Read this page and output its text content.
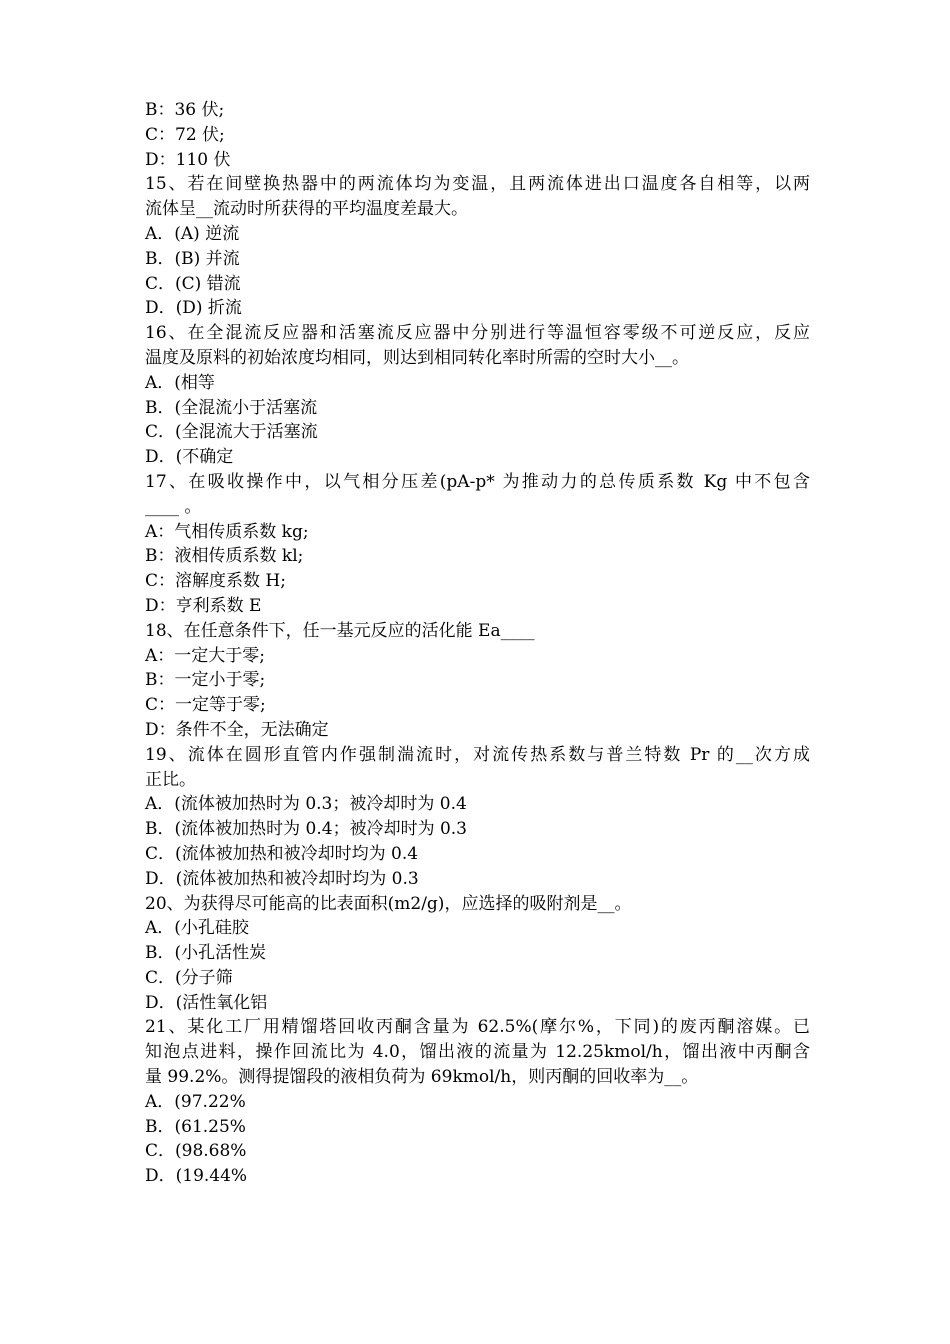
B：36 伏;
C：72 伏;
D：110 伏
15、若在间壁换热器中的两流体均为变温，且两流体进出口温度各自相等，以两
流体呈__流动时所获得的平均温度差最大。
A．(A) 逆流
B．(B) 并流
C．(C) 错流
D．(D) 折流
16、在全混流反应器和活塞流反应器中分别进行等温恒容零级不可逆反应，反应
温度及原料的初始浓度均相同，则达到相同转化率时所需的空时大小__。
A．(相等
B．(全混流小于活塞流
C．(全混流大于活塞流
D．(不确定
17、在吸收操作中，以气相分压差(pA-p* 为推动力的总传质系数 Kg 中不包含
____ 。
A：气相传质系数 kg;
B：液相传质系数 kl;
C：溶解度系数 H;
D：亨利系数 E
18、在任意条件下，任一基元反应的活化能 Ea____
A：一定大于零;
B：一定小于零;
C：一定等于零;
D：条件不全，无法确定
19、流体在圆形直管内作强制湍流时，对流传热系数与普兰特数 Pr 的__次方成
正比。
A．(流体被加热时为 0.3；被冷却时为 0.4
B．(流体被加热时为 0.4；被冷却时为 0.3
C．(流体被加热和被冷却时均为 0.4
D．(流体被加热和被冷却时均为 0.3
20、为获得尽可能高的比表面积(m2/g)，应选择的吸附剂是__。
A．(小孔硅胶
B．(小孔活性炭
C．(分子筛
D．(活性氧化铝
21、某化工厂用精馏塔回收丙酮含量为 62.5%(摩尔%，下同)的废丙酮溶媒。已
知泡点进料，操作回流比为 4.0，馏出液的流量为 12.25kmol/h，馏出液中丙酮含
量 99.2%。测得提馏段的液相负荷为 69kmol/h，则丙酮的回收率为__。
A．(97.22%
B．(61.25%
C．(98.68%
D．(19.44%
